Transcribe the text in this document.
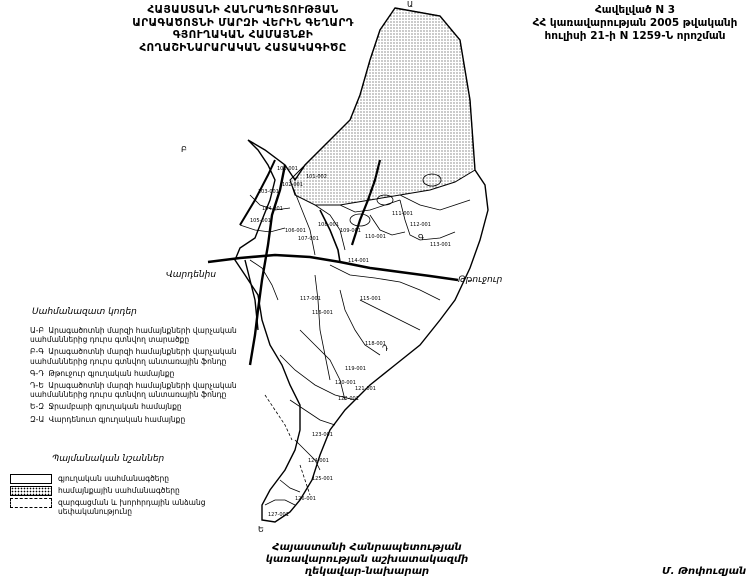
Ա
Բ
Գ
Դ
Ե
101-001
101-002
102-001
103-001
104-001
105-001
106-001
107-001
108-001
109-001
110-001
111-001
112-001
113-001
114-001
115-001
116-001
117-001
118-001
119-001
120-001
121-001
122-001
123-001
124-001
125-001
126-001
127-001
ՀԱՅԱՍՏԱՆԻ ՀԱՆՐԱՊԵՏՈՒԹՅԱՆ
ԱՐԱԳԱԾՈՏՆԻ ՄԱՐԶԻ ՎԵՐԻՆ ԳԵՂԱՐԴ ԳՅՈՒՂԱԿԱՆ ՀԱՄԱՅՆՔԻ
ՀՈՂԱՇԻՆԱՐԱՐԱԿԱՆ ՀԱՏԱԿԱԳԻԾԸ
Հավելված N 3
ՀՀ կառավարության 2005 թվականի
հուլիսի 21-ի N 1259-Ն որոշման
Վարդենիս	Թթուջուր
Սահմանազատ կոդեր
Ա-Բ Արագածոտնի մարզի համայնքների վարչական սահմաններից դուրս գտնվող տարածքը
Բ-Գ Արագածոտնի մարզի համայնքների վարչական սահմաններից դուրս գտնվող անտառային ֆոնդը
Գ-Դ Թթուջուր գյուղական համայնքը
Դ-Ե Արագածոտնի մարզի համայնքների վարչական սահմաններից դուրս գտնվող անտառային ֆոնդը
Ե-Զ Ջրամբարի գյուղական համայնքը
Զ-Ա Վարդենուտ գյուղական համայնքը
Պայմանական նշաններ
գյուղական սահմանագծերը
համայնքային սահմանագծերը
զարգացման և խորհրդային անձանց սեփականությունը
Հայաստանի Հանրապետության
կառավարության աշխատակազմի
ղեկավար-նախարար	Մ. Թոփուզյան
